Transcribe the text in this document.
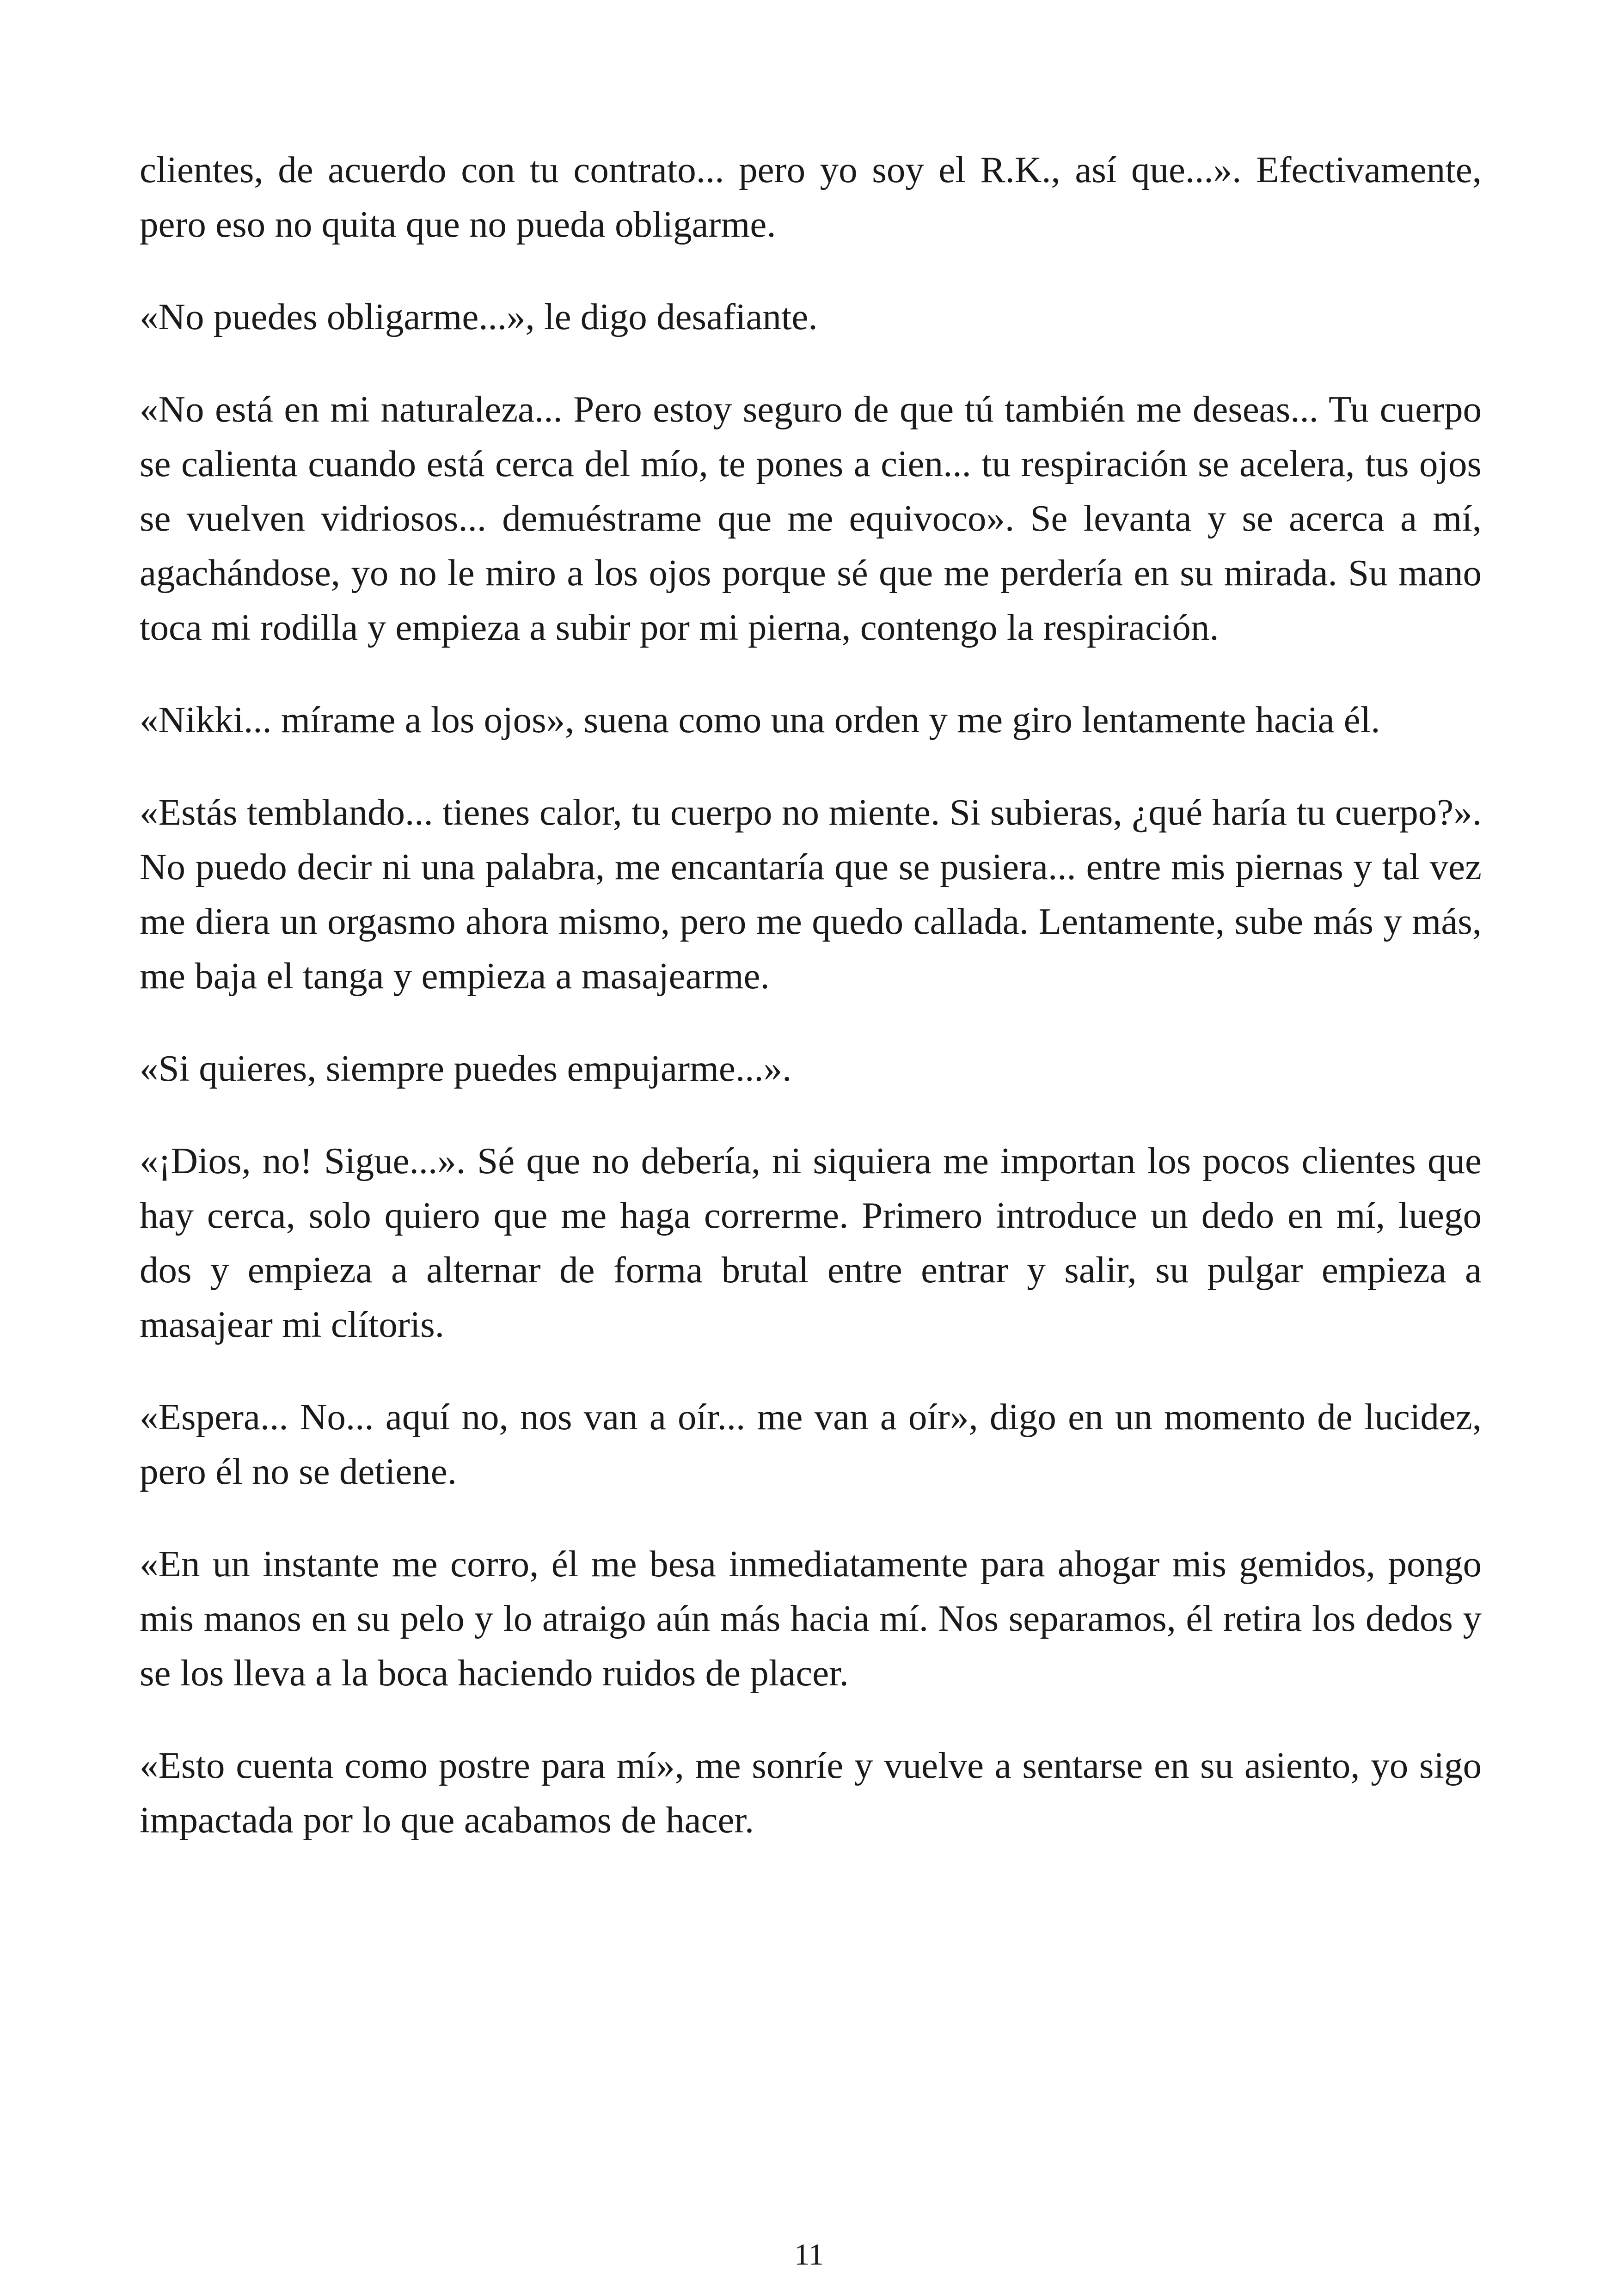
clientes, de acuerdo con tu contrato... pero yo soy el R.K., así que...». Efectivamente, pero eso no quita que no pueda obligarme.

«No puedes obligarme...», le digo desafiante.

«No está en mi naturaleza... Pero estoy seguro de que tú también me deseas... Tu cuerpo se calienta cuando está cerca del mío, te pones a cien... tu respiración se acelera, tus ojos se vuelven vidriosos... demuéstrame que me equivoco». Se levanta y se acerca a mí, agachándose, yo no le miro a los ojos porque sé que me perdería en su mirada. Su mano toca mi rodilla y empieza a subir por mi pierna, contengo la respiración.

«Nikki... mírame a los ojos», suena como una orden y me giro lentamente hacia él.

«Estás temblando... tienes calor, tu cuerpo no miente. Si subieras, ¿qué haría tu cuerpo?». No puedo decir ni una palabra, me encantaría que se pusiera... entre mis piernas y tal vez me diera un orgasmo ahora mismo, pero me quedo callada. Lentamente, sube más y más, me baja el tanga y empieza a masajearme.

«Si quieres, siempre puedes empujarme...».

«¡Dios, no! Sigue...». Sé que no debería, ni siquiera me importan los pocos clientes que hay cerca, solo quiero que me haga correrme. Primero introduce un dedo en mí, luego dos y empieza a alternar de forma brutal entre entrar y salir, su pulgar empieza a masajear mi clítoris.

«Espera... No... aquí no, nos van a oír... me van a oír», digo en un momento de lucidez, pero él no se detiene.

«En un instante me corro, él me besa inmediatamente para ahogar mis gemidos, pongo mis manos en su pelo y lo atraigo aún más hacia mí. Nos separamos, él retira los dedos y se los lleva a la boca haciendo ruidos de placer.

«Esto cuenta como postre para mí», me sonríe y vuelve a sentarse en su asiento, yo sigo impactada por lo que acabamos de hacer.

11
